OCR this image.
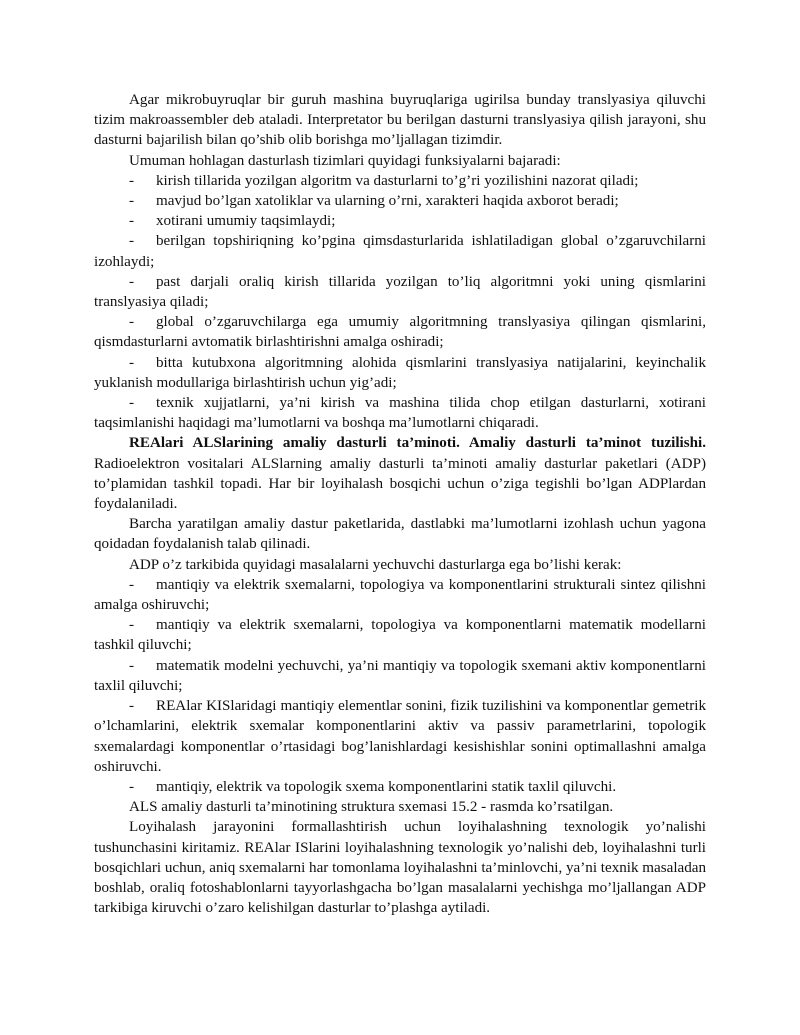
Agar mikrobuyruqlar bir guruh mashina buyruqlariga ugirilsa bunday translyasiya qiluvchi tizim makroassembler deb ataladi. Interpretator bu berilgan dasturni translyasiya qilish jarayoni, shu dasturni bajarilish bilan qo’shib olib borishga mo’ljallagan tizimdir.

Umuman hohlagan dasturlash tizimlari quyidagi funksiyalarni bajaradi:

- kirish tillarida yozilgan algoritm va dasturlarni to’g’ri yozilishini nazorat qiladi;

- mavjud bo’lgan xatoliklar va ularning o’rni, xarakteri haqida axborot beradi;

- xotirani umumiy taqsimlaydi;

- berilgan topshiriqning ko’pgina qimsdasturlarida ishlatiladigan global o’zgaruvchilarni izohlaydi;

- past darjali oraliq kirish tillarida yozilgan to’liq algoritmni yoki uning qismlarini translyasiya qiladi;

- global o’zgaruvchilarga ega umumiy algoritmning translyasiya qilingan qismlarini, qismdasturlarni avtomatik birlashtirishni amalga oshiradi;

- bitta kutubxona algoritmning alohida qismlarini translyasiya natijalarini, keyinchalik yuklanish modullariga birlashtirish uchun yig’adi;

- texnik xujjatlarni, ya’ni kirish va mashina tilida chop etilgan dasturlarni, xotirani taqsimlanishi haqidagi ma’lumotlarni va boshqa ma’lumotlarni chiqaradi.

REAlari ALSlarining amaliy dasturli ta’minoti. Amaliy dasturli ta’minot tuzilishi. Radioelektron vositalari ALSlarning amaliy dasturli ta’minoti amaliy dasturlar paketlari (ADP) to’plamidan tashkil topadi. Har bir loyihalash bosqichi uchun o’ziga tegishli bo’lgan ADPlardan foydalaniladi.

Barcha yaratilgan amaliy dastur paketlarida, dastlabki ma’lumotlarni izohlash uchun yagona qoidadan foydalanish talab qilinadi.

ADP o’z tarkibida quyidagi masalalarni yechuvchi dasturlarga ega bo’lishi kerak:

- mantiqiy va elektrik sxemalarni, topologiya va komponentlarini strukturali sintez qilishni amalga oshiruvchi;

- mantiqiy va elektrik sxemalarni, topologiya va komponentlarni matematik modellarni tashkil qiluvchi;

- matematik modelni yechuvchi, ya’ni mantiqiy va topologik sxemani aktiv komponentlarni taxlil qiluvchi;

- REAlar KISlaridagi mantiqiy elementlar sonini, fizik tuzilishini va komponentlar gemetrik o’lchamlarini, elektrik sxemalar komponentlarini aktiv va passiv parametrlarini, topologik sxemalardagi komponentlar o’rtasidagi bog’lanishlardagi kesishishlar sonini optimallashni amalga oshiruvchi.

- mantiqiy, elektrik va topologik sxema komponentlarini statik taxlil qiluvchi.

ALS amaliy dasturli ta’minotining struktura sxemasi 15.2 - rasmda ko’rsatilgan.

Loyihalash jarayonini formallashtirish uchun loyihalashning texnologik yo’nalishi tushunchasini kiritamiz. REAlar ISlarini loyihalashning texnologik yo’nalishi deb, loyihalashni turli bosqichlari uchun, aniq sxemalarni har tomonlama loyihalashni ta’minlovchi, ya’ni texnik masaladan boshlab, oraliq fotoshablonlarni tayyorlashgacha bo’lgan masalalarni yechishga mo’ljallangan ADP tarkibiga kiruvchi o’zaro kelishilgan dasturlar to’plashga aytiladi.
